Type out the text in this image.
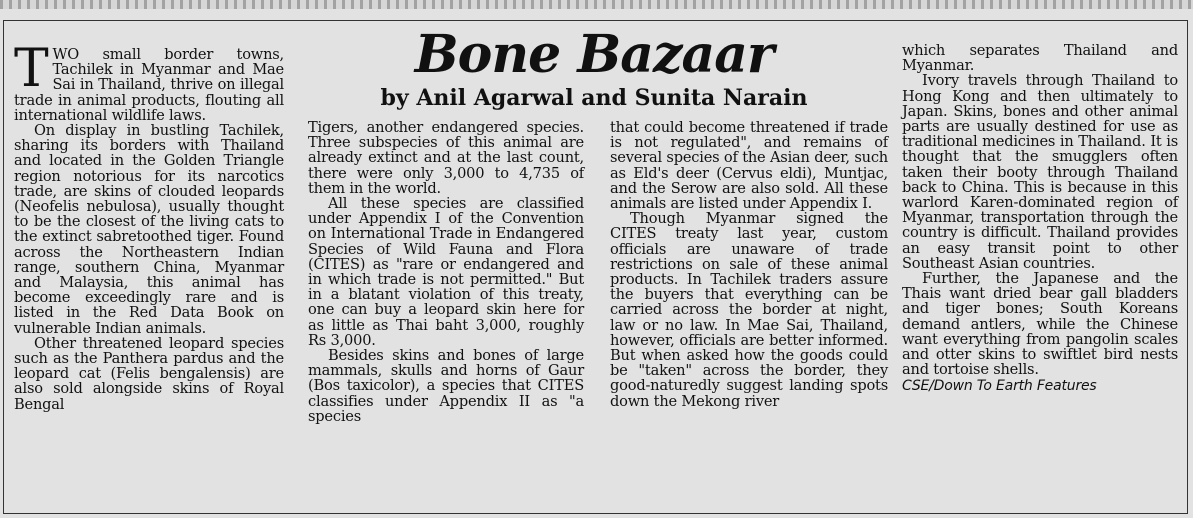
Bone Bazaar
by Anil Agarwal and Sunita Narain

TWO small border towns, Tachilek in Myanmar and Mae Sai in Thailand, thrive on illegal trade in animal products, flouting all international wildlife laws.

On display in bustling Tachilek, sharing its borders with Thailand and located in the Golden Triangle region notorious for its narcotics trade, are skins of clouded leopards (Neofelis nebulosa), usually thought to be the closest of the living cats to the extinct sabretoothed tiger. Found across the Northeastern Indian range, southern China, Myanmar and Malaysia, this animal has become exceedingly rare and is listed in the Red Data Book on vulnerable Indian animals.

Other threatened leopard species such as the Panthera pardus and the leopard cat (Felis bengalensis) are also sold alongside skins of Royal Bengal

Tigers, another endangered species. Three subspecies of this animal are already extinct and at the last count, there were only 3,000 to 4,735 of them in the world.

All these species are classified under Appendix I of the Convention on International Trade in Endangered Species of Wild Fauna and Flora (CITES) as "rare or endangered and in which trade is not permitted." But in a blatant violation of this treaty, one can buy a leopard skin here for as little as Thai baht 3,000, roughly Rs 3,000.

Besides skins and bones of large mammals, skulls and horns of Gaur (Bos taxicolor), a species that CITES classifies under Appendix II as "a species

that could become threatened if trade is not regulated", and remains of several species of the Asian deer, such as Eld's deer (Cervus eldi), Muntjac, and the Serow are also sold. All these animals are listed under Appendix I.

Though Myanmar signed the CITES treaty last year, custom officials are unaware of trade restrictions on sale of these animal products. In Tachilek traders assure the buyers that everything can be carried across the border at night, law or no law. In Mae Sai, Thailand, however, officials are better informed. But when asked how the goods could be "taken" across the border, they good-naturedly suggest landing spots down the Mekong river

which separates Thailand and Myanmar.

Ivory travels through Thailand to Hong Kong and then ultimately to Japan. Skins, bones and other animal parts are usually destined for use as traditional medicines in Thailand. It is thought that the smugglers often taken their booty through Thailand back to China. This is because in this warlord Karen-dominated region of Myanmar, transportation through the country is difficult. Thailand provides an easy transit point to other Southeast Asian countries.

Further, the Japanese and the Thais want dried bear gall bladders and tiger bones; South Koreans demand antlers, while the Chinese want everything from pangolin scales and otter skins to swiftlet bird nests and tortoise shells.

CSE/Down To Earth Features
